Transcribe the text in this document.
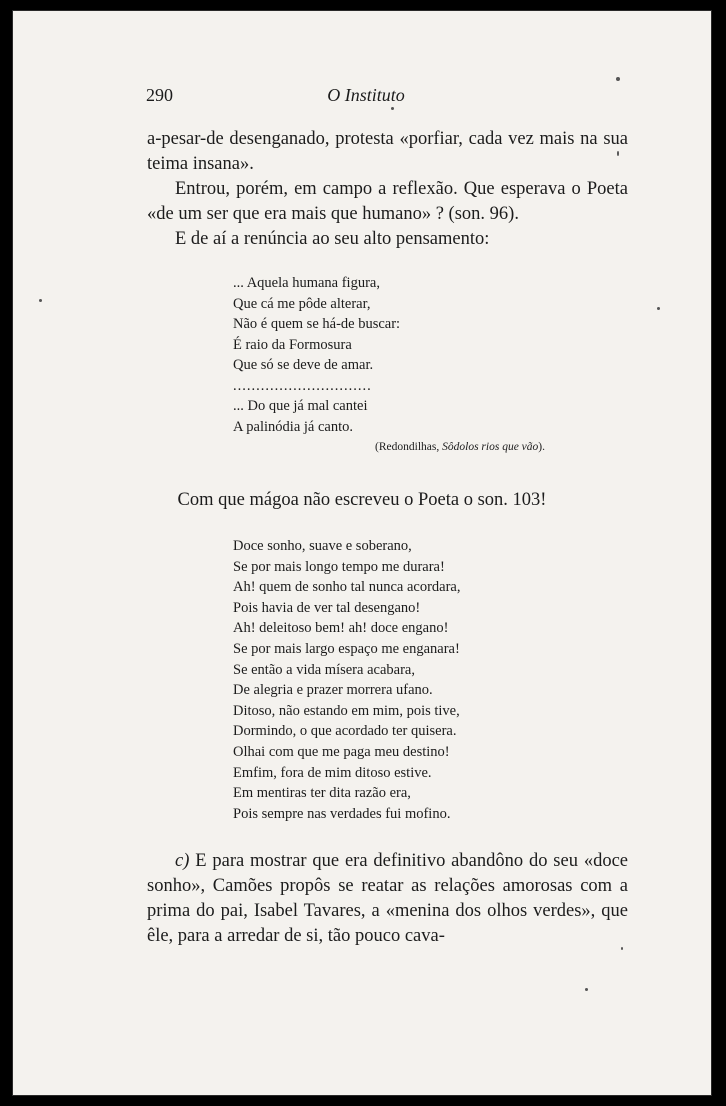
290	O Instituto

a-pesar-de desenganado, protesta «porfiar, cada vez mais na sua teima insana».

Entrou, porém, em campo a reflexão. Que esperava o Poeta «de um ser que era mais que humano» ? (son. 96).

E de aí a renúncia ao seu alto pensamento:

... Aquela humana figura,
Que cá me pôde alterar,
Não é quem se há-de buscar:
É raio da Formosura
Que só se deve de amar.
..............................
... Do que já mal cantei
A palinódia já canto.
(Redondilhas, Sôdolos rios que vão).
Com que mágoa não escreveu o Poeta o son. 103!
Doce sonho, suave e soberano,
Se por mais longo tempo me durara!
Ah! quem de sonho tal nunca acordara,
Pois havia de ver tal desengano!
Ah! deleitoso bem! ah! doce engano!
Se por mais largo espaço me enganara!
Se então a vida mísera acabara,
De alegria e prazer morrera ufano.
Ditoso, não estando em mim, pois tive,
Dormindo, o que acordado ter quisera.
Olhai com que me paga meu destino!
Emfim, fora de mim ditoso estive.
Em mentiras ter dita razão era,
Pois sempre nas verdades fui mofino.

c) E para mostrar que era definitivo abandôno do seu «doce sonho», Camões propôs se reatar as relações amorosas com a prima do pai, Isabel Tavares, a «menina dos olhos verdes», que êle, para a arredar de si, tão pouco cava-
